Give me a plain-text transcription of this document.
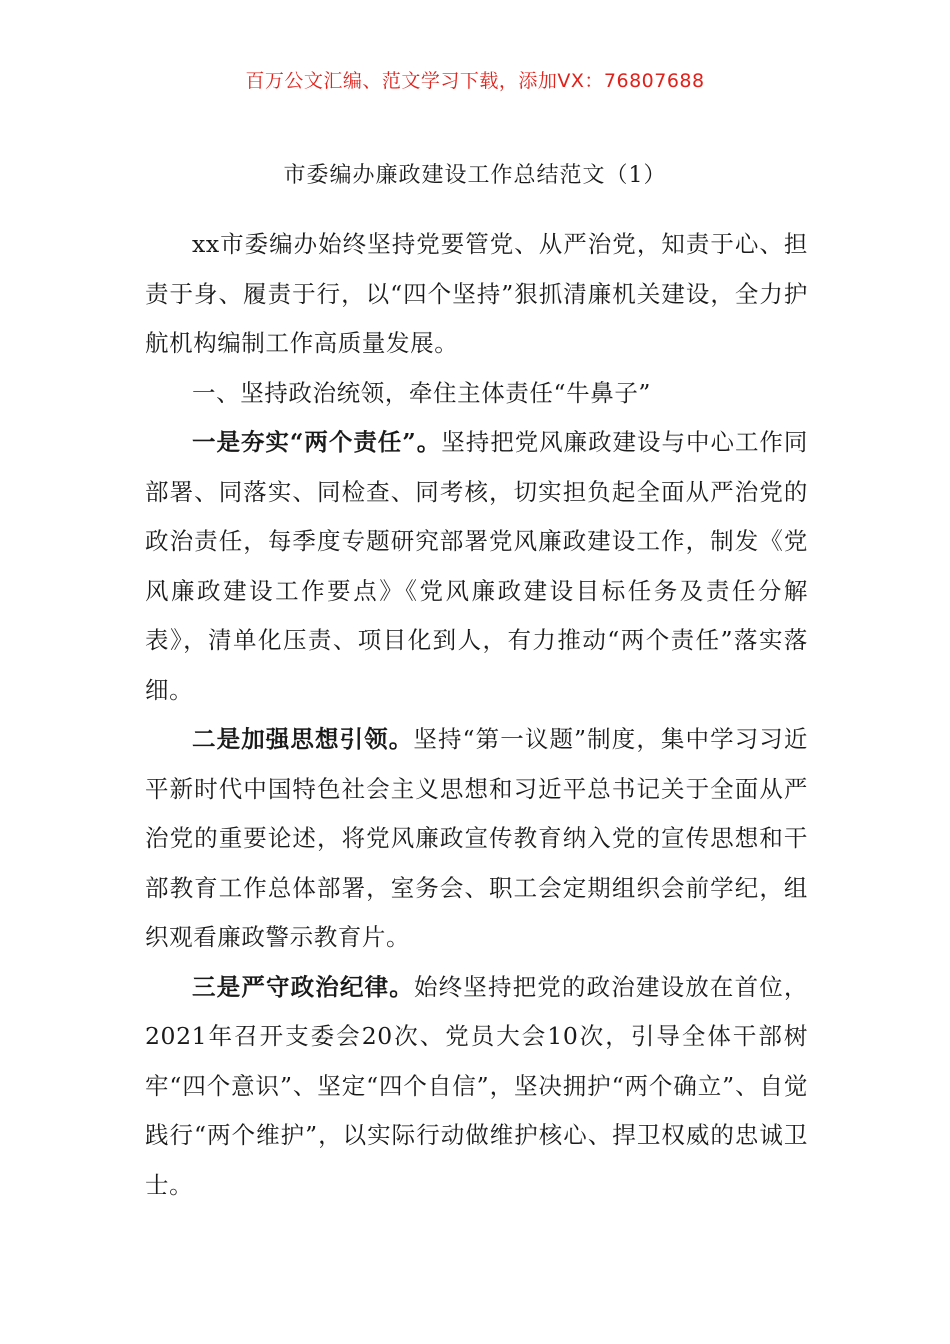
百万公文汇编、范文学习下载，添加VX：76807688
市委编办廉政建设工作总结范文（1）

xx市委编办始终坚持党要管党、从严治党，知责于心、担责于身、履责于行，以“四个坚持”狠抓清廉机关建设，全力护航机构编制工作高质量发展。

一、坚持政治统领，牵住主体责任“牛鼻子”

一是夯实“两个责任”。坚持把党风廉政建设与中心工作同部署、同落实、同检查、同考核，切实担负起全面从严治党的政治责任，每季度专题研究部署党风廉政建设工作，制发《党风廉政建设工作要点》《党风廉政建设目标任务及责任分解表》，清单化压责、项目化到人，有力推动“两个责任”落实落细。

二是加强思想引领。坚持“第一议题”制度，集中学习习近平新时代中国特色社会主义思想和习近平总书记关于全面从严治党的重要论述，将党风廉政宣传教育纳入党的宣传思想和干部教育工作总体部署，室务会、职工会定期组织会前学纪，组织观看廉政警示教育片。

三是严守政治纪律。始终坚持把党的政治建设放在首位，2021年召开支委会20次、党员大会10次，引导全体干部树牢“四个意识”、坚定“四个自信”，坚决拥护“两个确立”、自觉践行“两个维护”，以实际行动做维护核心、捍卫权威的忠诚卫士。
